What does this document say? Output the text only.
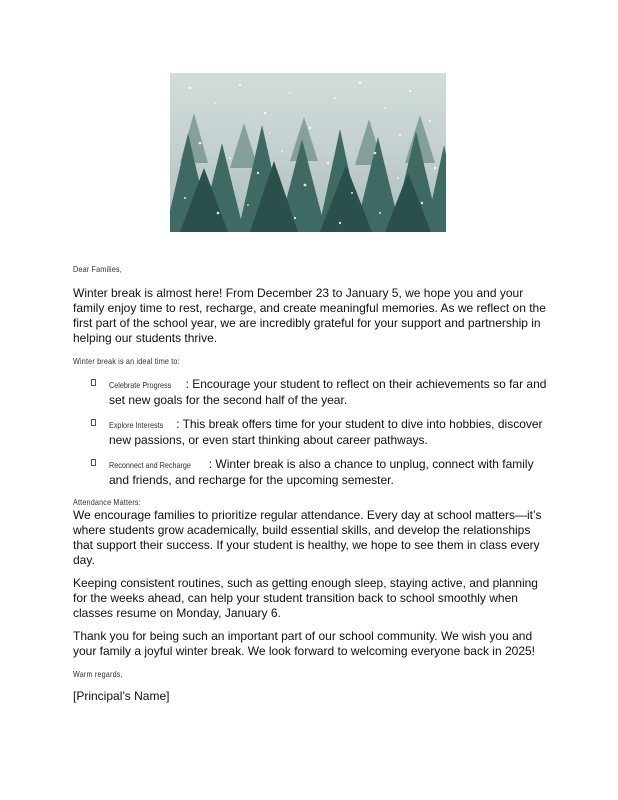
Dear Families,

Winter break is almost here! From December 23 to January 5, we hope you and your family enjoy time to rest, recharge, and create meaningful memories. As we reflect on the first part of the school year, we are incredibly grateful for your support and partnership in helping our students thrive.

Winter break is an ideal time to:
Celebrate Progress : Encourage your student to reflect on their achievements so far and set new goals for the second half of the year.
Explore Interests : This break offers time for your student to dive into hobbies, discover new passions, or even start thinking about career pathways.
Reconnect and Recharge : Winter break is also a chance to unplug, connect with family and friends, and recharge for the upcoming semester.
Attendance Matters:

We encourage families to prioritize regular attendance. Every day at school matters—it’s where students grow academically, build essential skills, and develop the relationships that support their success. If your student is healthy, we hope to see them in class every day.

Keeping consistent routines, such as getting enough sleep, staying active, and planning for the weeks ahead, can help your student transition back to school smoothly when classes resume on Monday, January 6.

Thank you for being such an important part of our school community. We wish you and your family a joyful winter break. We look forward to welcoming everyone back in 2025!

Warm regards,

[Principal’s Name]
